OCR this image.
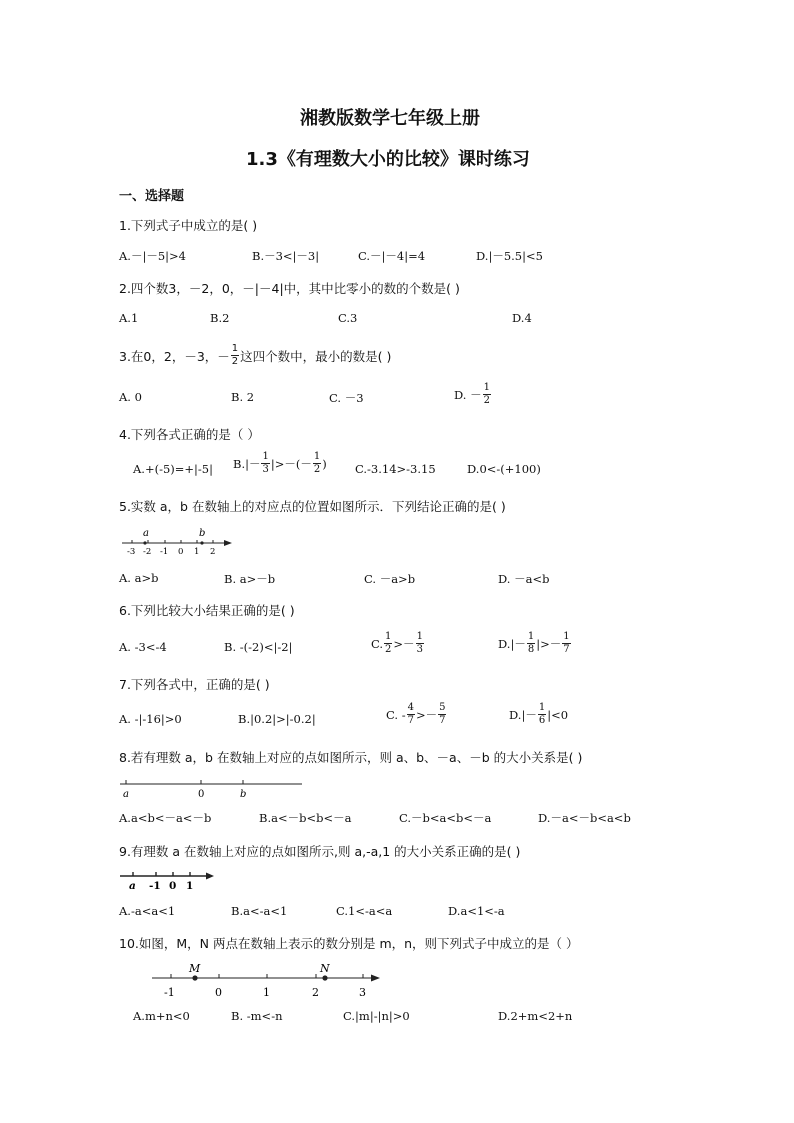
湘教版数学七年级上册
1.3《有理数大小的比较》课时练习
一、选择题
1.下列式子中成立的是( )
A.－|－5|>4	B.－3<|－3|	C.－|－4|=4	D.|－5.5|<5
2.四个数3，－2，0，－|－4|中，其中比零小的数的个数是( )
A.1	B.2	C.3	D.4
3.在0，2，－3，－ $\frac{1}{2}$ 这四个数中，最小的数是( )
A. 0	B. 2	C. －3	D. － $\frac{1}{2}$
4.下列各式正确的是（ ）
A.+(-5)=+|-5| $B.|- \frac{1}{3}$ |>－(－ $\frac{1}{2}$ ) C.-3.14>-3.15	D.0<-(+100)
5.实数 a，b 在数轴上的对应点的位置如图所示．下列结论正确的是( )
a	b
-3 -2 -1 0 1 2
A. a>b	B. a>－b	C. －a>b	D. －a<b
6.下列比较大小结果正确的是( )
A. -3<-4	B. -(-2)<|-2|	C. $\frac{1}{2} >- \frac{1}{3}$	$D.|- \frac{1}{8}$ |>－ $\frac{1}{7}$
7.下列各式中，正确的是( )
A. -|-16|>0	B.|0.2|>|-0.2|	C. - $\frac{4}{7} >- \frac{5}{7}$	$D.|- \frac{1}{6} |<0$
8.若有理数 a，b 在数轴上对应的点如图所示，则 a、b、－a、－b 的大小关系是( )
a	0	b
A.a<b<－a<－b	B.a<－b<b<－a	C.－b<a<b<－a	D.－a<－b<a<b
9.有理数 a 在数轴上对应的点如图所示,则 a,-a,1 的大小关系正确的是( )
a -1 0 1
A.-a<a<1	B.a<-a<1	C.1<-a<a	D.a<1<-a
10.如图，M，N 两点在数轴上表示的数分别是 m，n，则下列式子中成立的是（ ）
M	N
-1	0	1	2	3
A.m+n<0	B. -m<-n	C.|m|-|n|>0	D.2+m<2+n
